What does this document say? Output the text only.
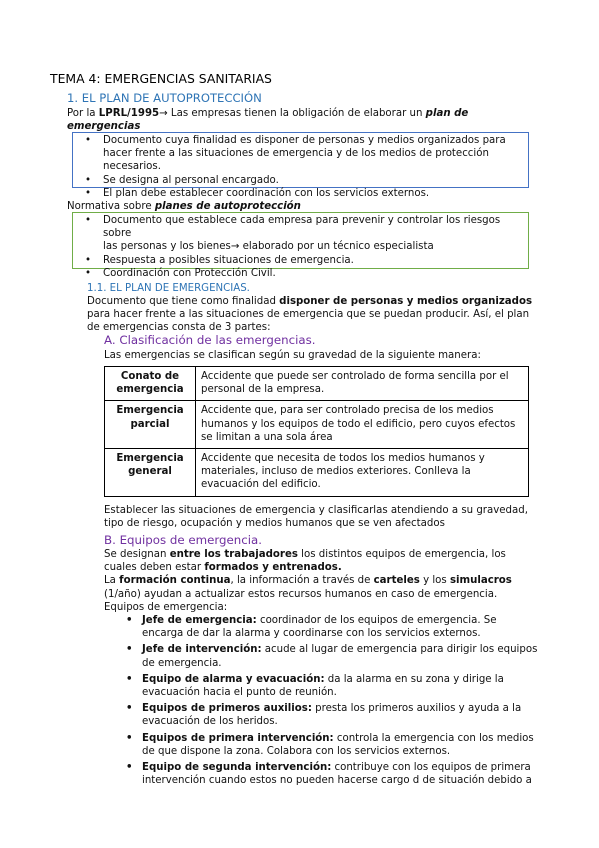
TEMA 4: EMERGENCIAS SANITARIAS
1. EL PLAN DE AUTOPROTECCIÓN
Por la LPRL/1995→ Las empresas tienen la obligación de elaborar un plan de
emergencias
• Documento cuya finalidad es disponer de personas y medios organizados para hacer frente a las situaciones de emergencia y de los medios de protección necesarios.
• Se designa al personal encargado.
• El plan debe establecer coordinación con los servicios externos.
Normativa sobre planes de autoprotección
• Documento que establece cada empresa para prevenir y controlar los riesgos sobre
las personas y los bienes→ elaborado por un técnico especialista
• Respuesta a posibles situaciones de emergencia.
• Coordinación con Protección Civil.
1.1. EL PLAN DE EMERGENCIAS.
Documento que tiene como finalidad disponer de personas y medios organizados
para hacer frente a las situaciones de emergencia que se puedan producir. Así, el plan
de emergencias consta de 3 partes:
A. Clasificación de las emergencias.
Las emergencias se clasifican según su gravedad de la siguiente manera:
Conato de emergencia	Accidente que puede ser controlado de forma sencilla por el personal de la empresa.
Emergencia parcial	Accidente que, para ser controlado precisa de los medios humanos y los equipos de todo el edificio, pero cuyos efectos se limitan a una sola área
Emergencia general	Accidente que necesita de todos los medios humanos y materiales, incluso de medios exteriores. Conlleva la evacuación del edificio.
Establecer las situaciones de emergencia y clasificarlas atendiendo a su gravedad,
tipo de riesgo, ocupación y medios humanos que se ven afectados
B. Equipos de emergencia.
Se designan entre los trabajadores los distintos equipos de emergencia, los
cuales deben estar formados y entrenados.
La formación continua, la información a través de carteles y los simulacros
(1/año) ayudan a actualizar estos recursos humanos en caso de emergencia.
Equipos de emergencia:
• Jefe de emergencia: coordinador de los equipos de emergencia. Se encarga de dar la alarma y coordinarse con los servicios externos.
• Jefe de intervención: acude al lugar de emergencia para dirigir los equipos de emergencia.
• Equipo de alarma y evacuación: da la alarma en su zona y dirige la evacuación hacia el punto de reunión.
• Equipos de primeros auxilios: presta los primeros auxilios y ayuda a la evacuación de los heridos.
• Equipos de primera intervención: controla la emergencia con los medios de que dispone la zona. Colabora con los servicios externos.
• Equipo de segunda intervención: contribuye con los equipos de primera intervención cuando estos no pueden hacerse cargo d de situación debido a
